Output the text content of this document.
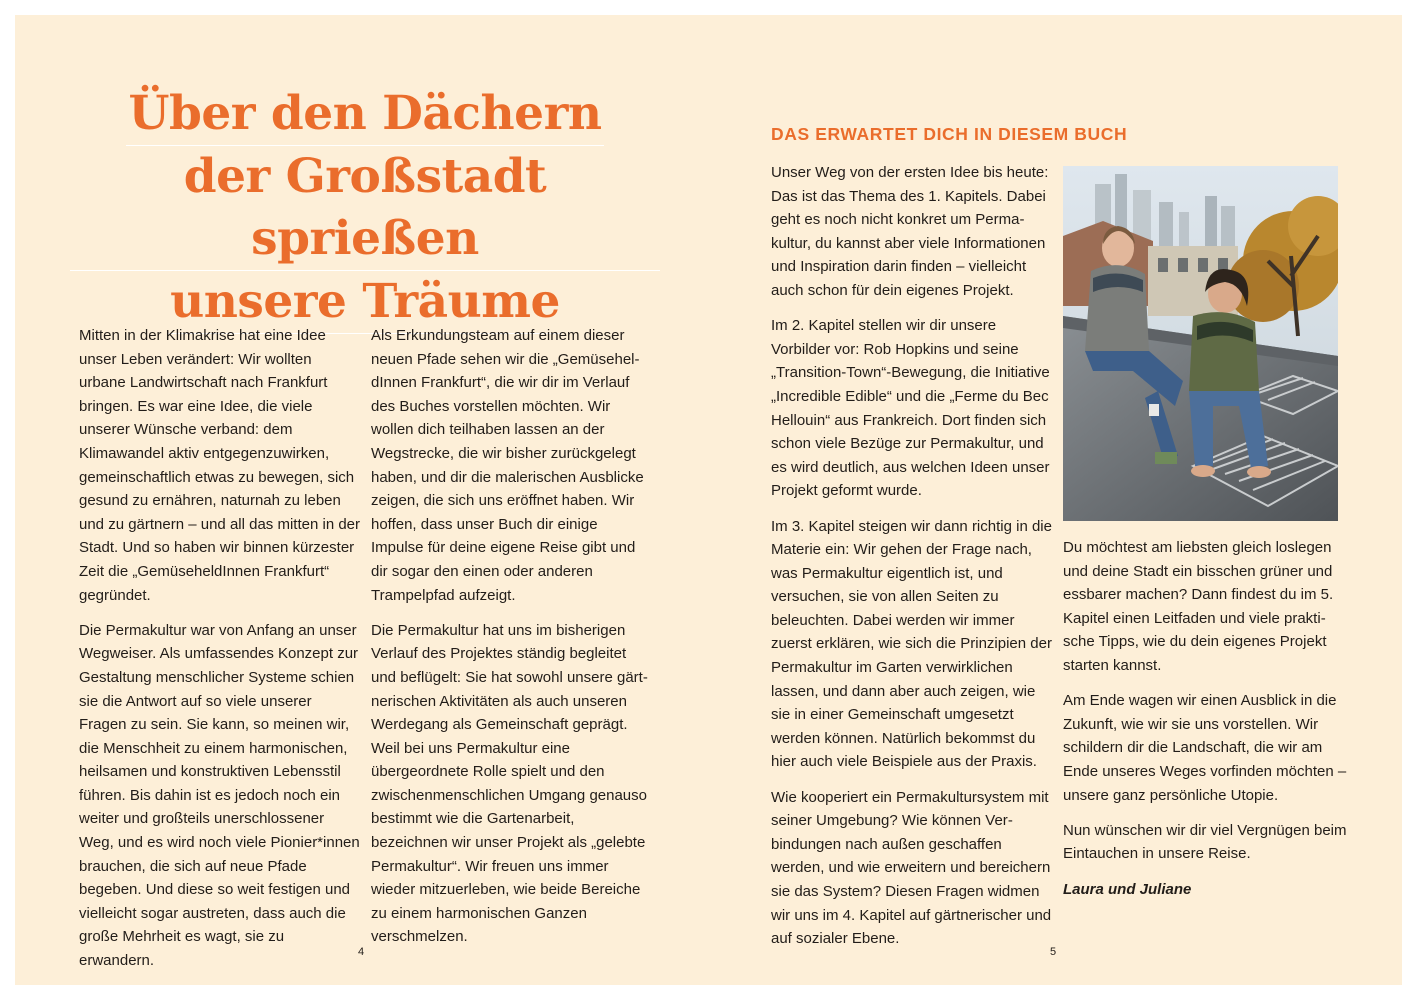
Über den Dächern
der Großstadt sprießen
unsere Träume

Mitten in der Klimakrise hat eine Idee unser Leben verändert: Wir wollten urbane Landwirtschaft nach Frankfurt bringen. Es war eine Idee, die viele unserer Wünsche verband: dem Klimawandel aktiv entgegenzuwirken, gemeinschaftlich etwas zu bewegen, sich gesund zu ernähren, naturnah zu leben und zu gärtnern – und all das mitten in der Stadt. Und so haben wir binnen kürzester Zeit die „GemüseheldInnen Frankfurt“ gegründet.

Die Permakultur war von Anfang an unser Wegweiser. Als umfassendes Konzept zur Gestaltung menschlicher Systeme schien sie die Antwort auf so viele unserer Fragen zu sein. Sie kann, so meinen wir, die Menschheit zu einem harmonischen, heilsamen und konstruktiven Lebensstil führen. Bis dahin ist es jedoch noch ein weiter und großteils unerschlossener Weg, und es wird noch viele Pionier*innen brauchen, die sich auf neue Pfade begeben. Und diese so weit festigen und vielleicht sogar austreten, dass auch die große Mehrheit es wagt, sie zu erwandern.

Als Erkundungsteam auf einem dieser neuen Pfade sehen wir die „GemüseheldInnen Frankfurt“, die wir dir im Verlauf des Buches vorstellen möchten. Wir wollen dich teilhaben lassen an der Wegstrecke, die wir bisher zurückgelegt haben, und dir die malerischen Ausblicke zeigen, die sich uns eröffnet haben. Wir hoffen, dass unser Buch dir einige Impulse für deine eigene Reise gibt und dir sogar den einen oder anderen Trampelpfad aufzeigt.

Die Permakultur hat uns im bisherigen Verlauf des Projektes ständig begleitet und beflügelt: Sie hat sowohl unsere gärtnerischen Aktivitäten als auch unseren Werdegang als Gemeinschaft geprägt. Weil bei uns Permakultur eine übergeordnete Rolle spielt und den zwischenmenschlichen Umgang genauso bestimmt wie die Gartenarbeit, bezeichnen wir unser Projekt als „gelebte Permakultur“. Wir freuen uns immer wieder mitzuerleben, wie beide Bereiche zu einem harmonischen Ganzen verschmelzen.

4
DAS ERWARTET DICH IN DIESEM BUCH

Unser Weg von der ersten Idee bis heute: Das ist das Thema des 1. Kapitels. Dabei geht es noch nicht konkret um Permakultur, du kannst aber viele Informationen und Inspiration darin finden – vielleicht auch schon für dein eigenes Projekt.

Im 2. Kapitel stellen wir dir unsere Vorbilder vor: Rob Hopkins und seine „Transition-Town“-Bewegung, die Initiative „Incredible Edible“ und die „Ferme du Bec Hellouin“ aus Frankreich. Dort finden sich schon viele Bezüge zur Permakultur, und es wird deutlich, aus welchen Ideen unser Projekt geformt wurde.

Im 3. Kapitel steigen wir dann richtig in die Materie ein: Wir gehen der Frage nach, was Permakultur eigentlich ist, und versuchen, sie von allen Seiten zu beleuchten. Dabei werden wir immer zuerst erklären, wie sich die Prinzipien der Permakultur im Garten verwirklichen lassen, und dann aber auch zeigen, wie sie in einer Gemeinschaft umgesetzt werden können. Natürlich bekommst du hier auch viele Beispiele aus der Praxis.

Wie kooperiert ein Permakultursystem mit seiner Umgebung? Wie können Verbindungen nach außen geschaffen werden, und wie erweitern und bereichern sie das System? Diesen Fragen widmen wir uns im 4. Kapitel auf gärtnerischer und auf sozialer Ebene.

Du möchtest am liebsten gleich loslegen und deine Stadt ein bisschen grüner und essbarer machen? Dann findest du im 5. Kapitel einen Leitfaden und viele praktische Tipps, wie du dein eigenes Projekt starten kannst.

Am Ende wagen wir einen Ausblick in die Zukunft, wie wir sie uns vorstellen. Wir schildern dir die Landschaft, die wir am Ende unseres Weges vorfinden möchten – unsere ganz persönliche Utopie.

Nun wünschen wir dir viel Vergnügen beim Eintauchen in unsere Reise.

Laura und Juliane

5
